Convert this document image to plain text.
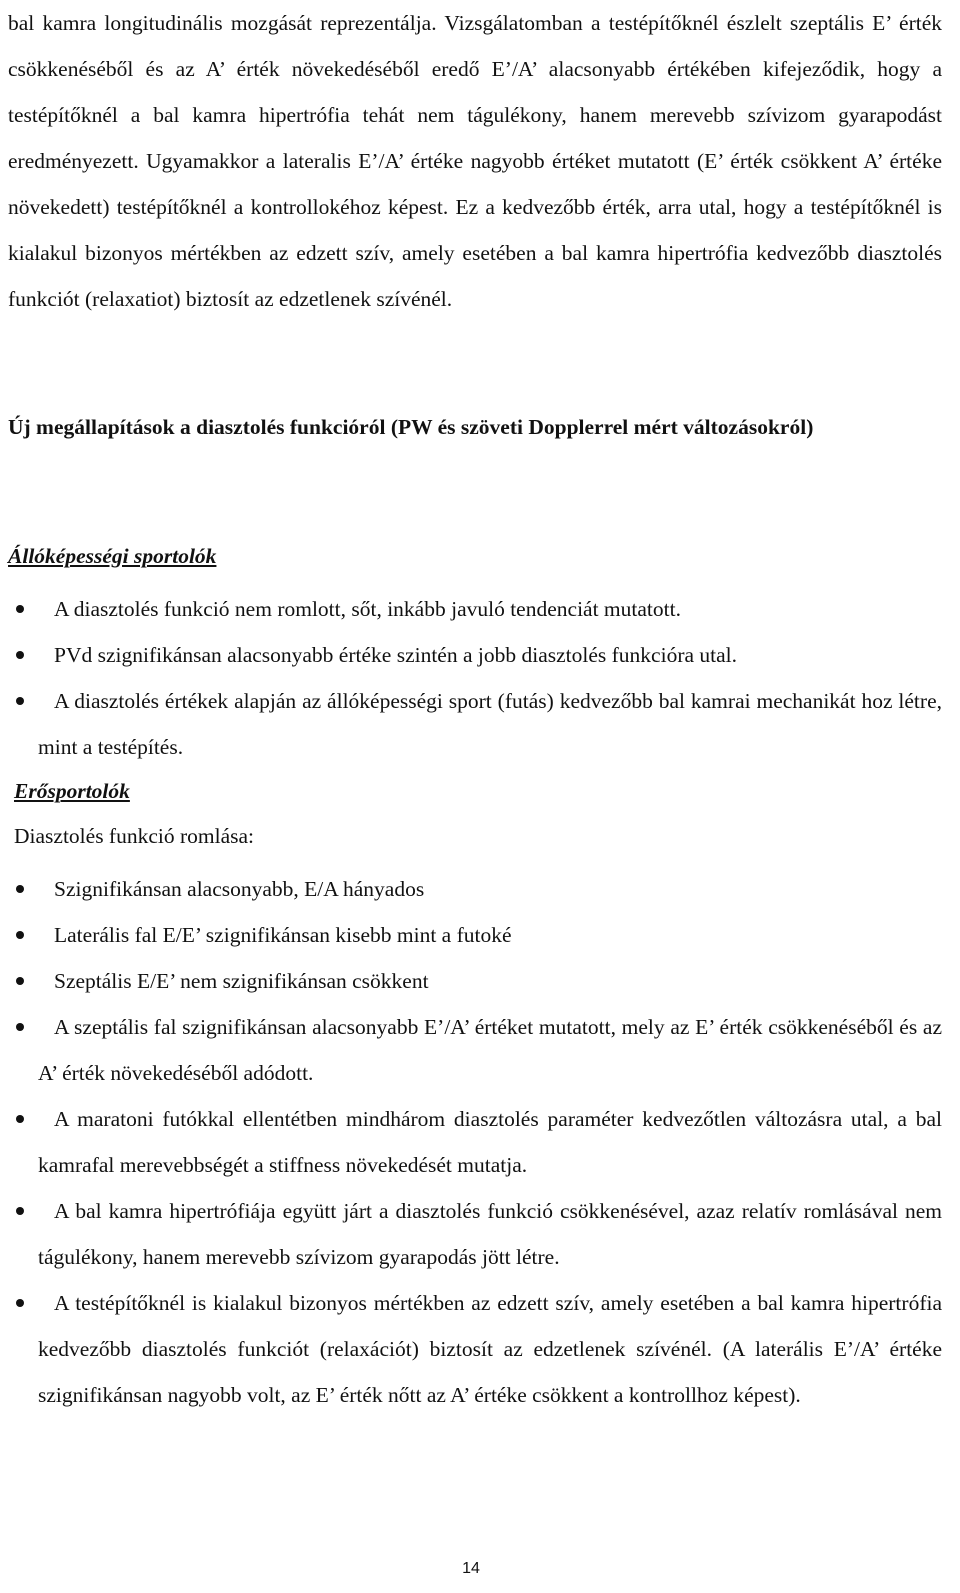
bal kamra longitudinális mozgását reprezentálja. Vizsgálatomban a testépítőknél észlelt szeptális E’ érték csökkenéséből és az A’ érték növekedéséből eredő E’/A’ alacsonyabb értékében kifejeződik, hogy a testépítőknél a bal kamra hipertrófia tehát nem tágulékony, hanem merevebb szívizom gyarapodást eredményezett. Ugyamakkor a lateralis E’/A’ értéke nagyobb értéket mutatott (E’ érték csökkent A’ értéke növekedett) testépítőknél a kontrollokéhoz képest. Ez a kedvezőbb érték, arra utal, hogy a testépítőknél is kialakul bizonyos mértékben az edzett szív, amely esetében a bal kamra hipertrófia kedvezőbb diasztolés funkciót (relaxatiot) biztosít az edzetlenek szívénél.

Új megállapítások a diasztolés funkcióról (PW és szöveti Dopplerrel mért változásokról)

Állóképességi sportolók

A diasztolés funkció nem romlott, sőt, inkább javuló tendenciát mutatott.
PVd szignifikánsan alacsonyabb értéke szintén a jobb diasztolés funkcióra utal.
A diasztolés értékek alapján az állóképességi sport (futás) kedvezőbb bal kamrai mechanikát hoz létre, mint a testépítés.

Erősportolók

Diasztolés funkció romlása:

Szignifikánsan alacsonyabb, E/A hányados
Laterális fal E/E’ szignifikánsan kisebb mint a futoké
Szeptális E/E’ nem szignifikánsan csökkent
A szeptális fal szignifikánsan alacsonyabb E’/A’ értéket mutatott, mely az E’ érték csökkenéséből és az A’ érték növekedéséből adódott.
A maratoni futókkal ellentétben mindhárom diasztolés paraméter kedvezőtlen változásra utal, a bal kamrafal merevebbségét a stiffness növekedését mutatja.
A bal kamra hipertrófiája együtt járt a diasztolés funkció csökkenésével, azaz relatív romlásával nem tágulékony, hanem merevebb szívizom gyarapodás jött létre.
A testépítőknél is kialakul bizonyos mértékben az edzett szív, amely esetében a bal kamra hipertrófia kedvezőbb diasztolés funkciót (relaxációt) biztosít az edzetlenek szívénél. (A laterális E’/A’ értéke szignifikánsan nagyobb volt, az E’ érték nőtt az A’ értéke csökkent a kontrollhoz képest).
14
